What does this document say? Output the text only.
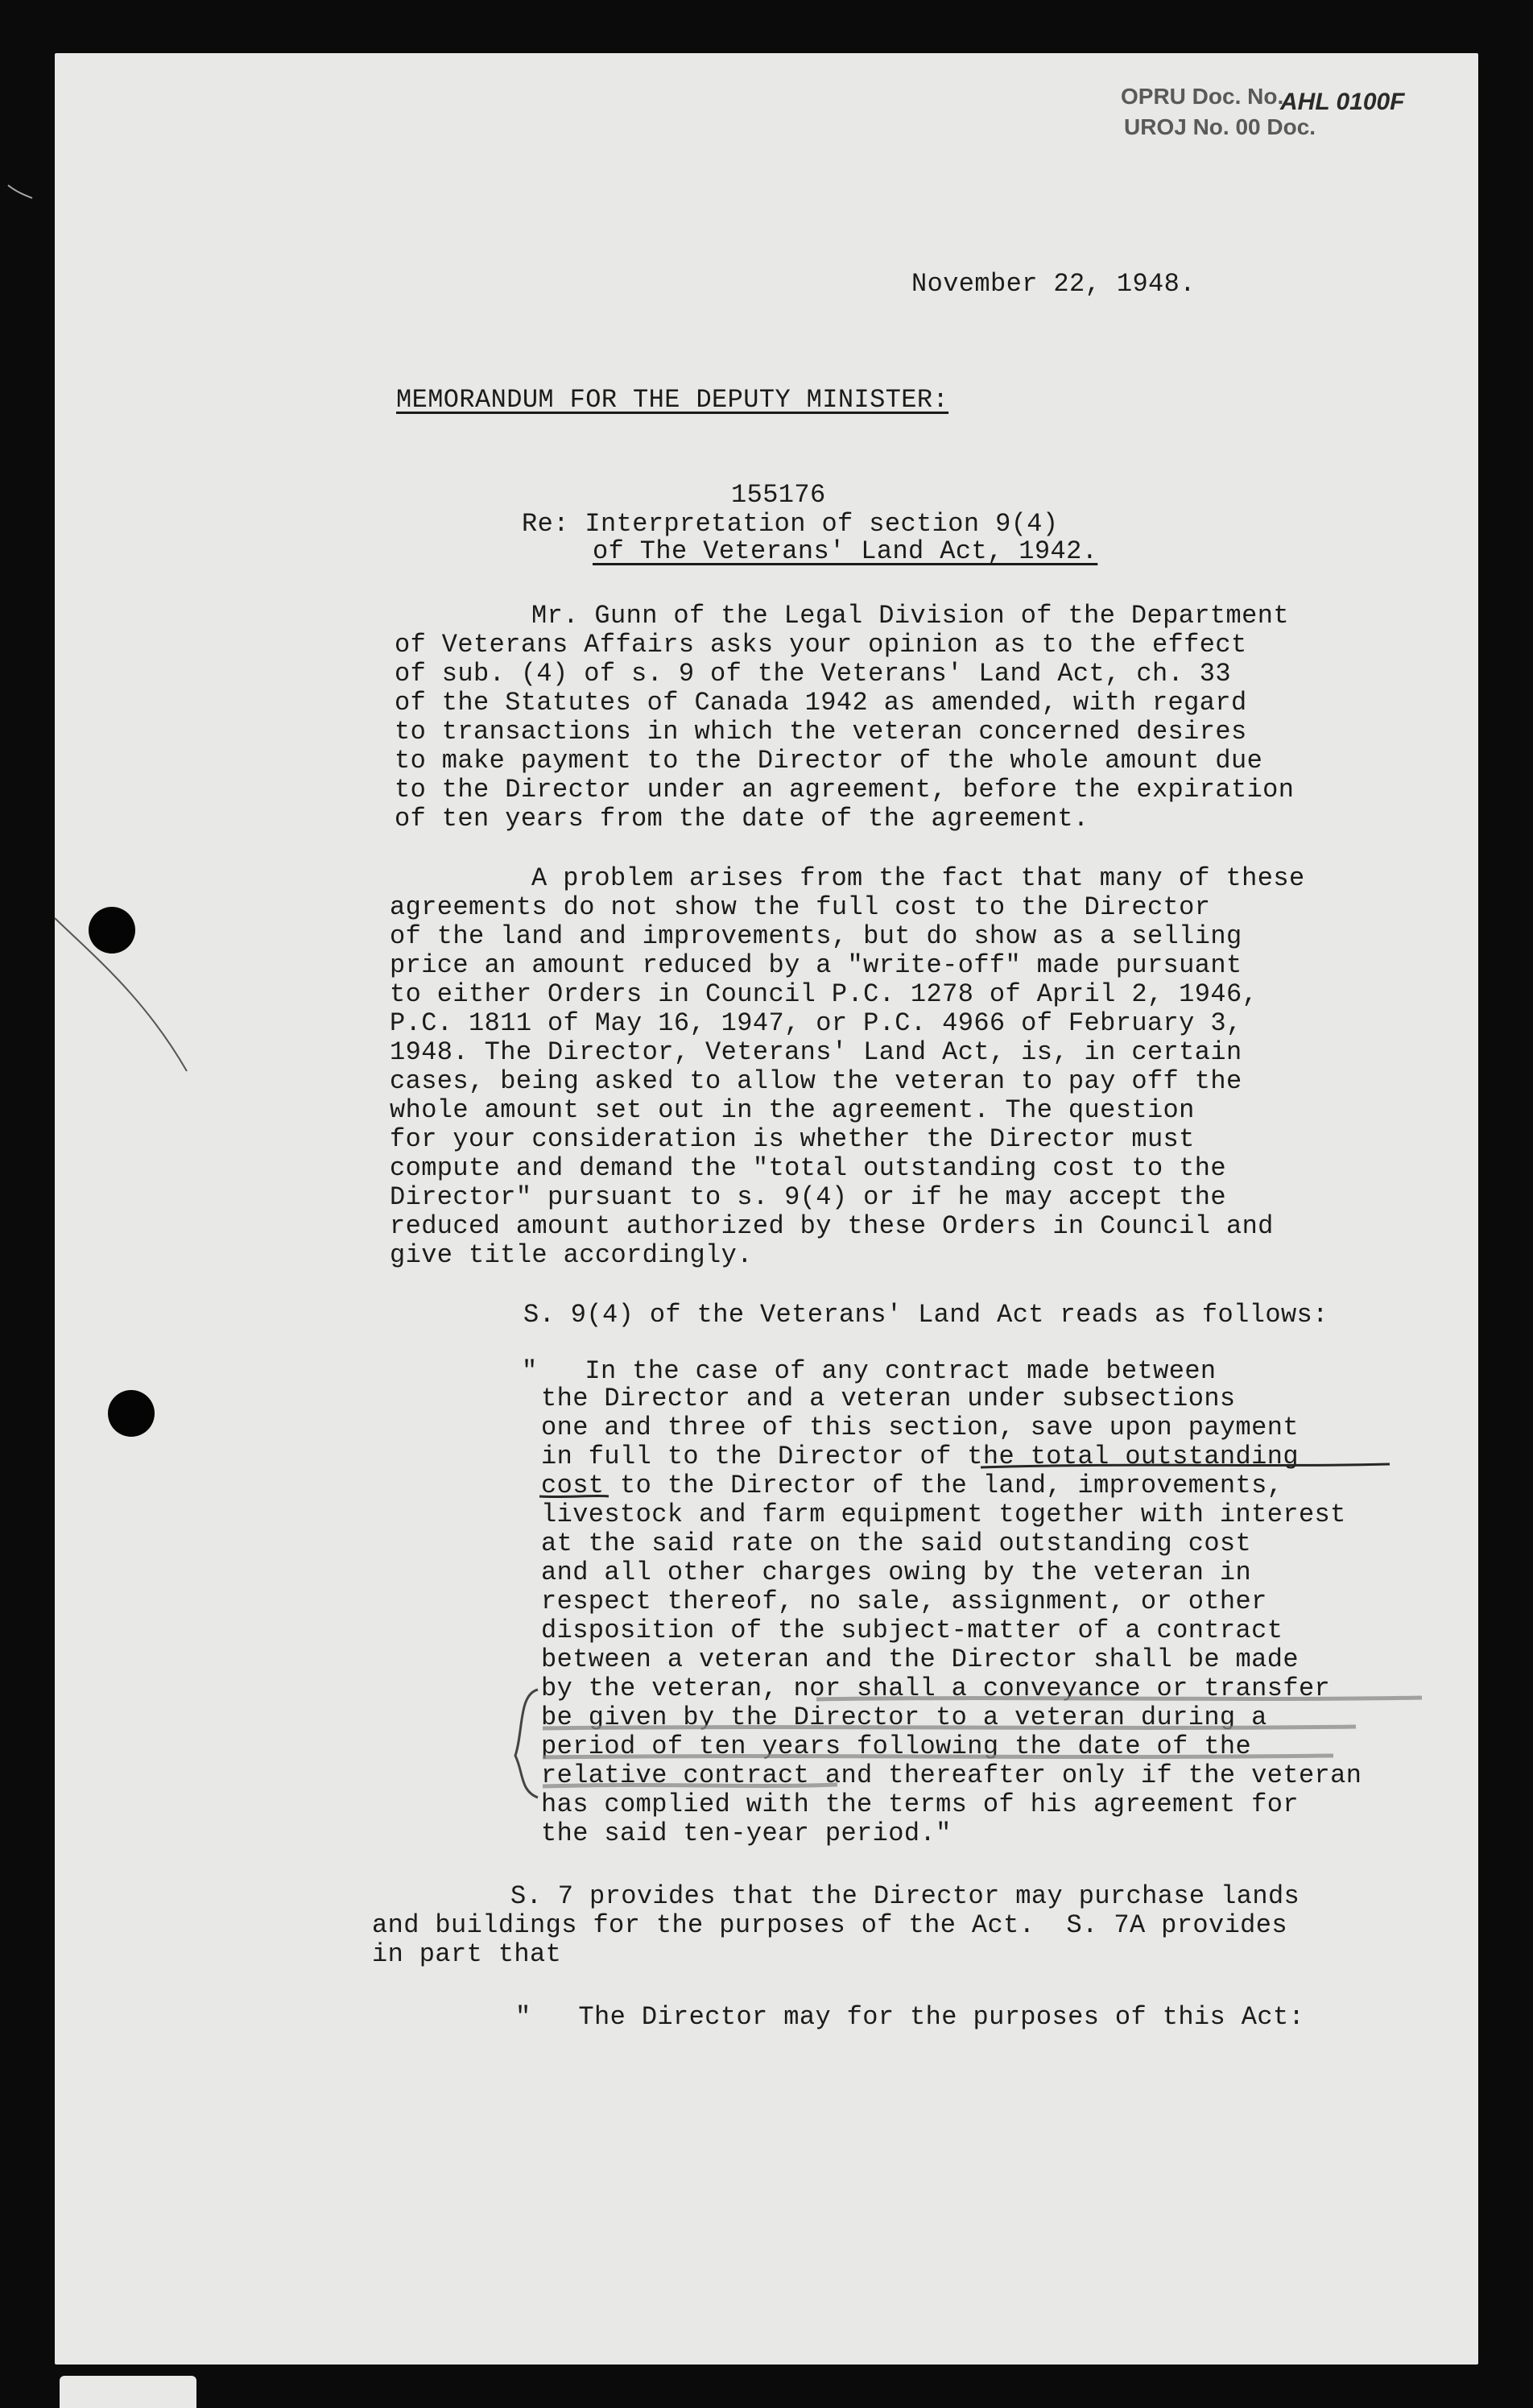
OPRU Doc. No.
UROJ No. 00 Doc.
AHL 0100F
November 22, 1948.
MEMORANDUM FOR THE DEPUTY MINISTER:
155176
Re: Interpretation of section 9(4)
of The Veterans' Land Act, 1942.
Mr. Gunn of the Legal Division of the Department
of Veterans Affairs asks your opinion as to the effect
of sub. (4) of s. 9 of the Veterans' Land Act, ch. 33
of the Statutes of Canada 1942 as amended, with regard
to transactions in which the veteran concerned desires
to make payment to the Director of the whole amount due
to the Director under an agreement, before the expiration
of ten years from the date of the agreement.
A problem arises from the fact that many of these
agreements do not show the full cost to the Director
of the land and improvements, but do show as a selling
price an amount reduced by a "write-off" made pursuant
to either Orders in Council P.C. 1278 of April 2, 1946,
P.C. 1811 of May 16, 1947, or P.C. 4966 of February 3,
1948. The Director, Veterans' Land Act, is, in certain
cases, being asked to allow the veteran to pay off the
whole amount set out in the agreement. The question
for your consideration is whether the Director must
compute and demand the "total outstanding cost to the
Director" pursuant to s. 9(4) or if he may accept the
reduced amount authorized by these Orders in Council and
give title accordingly.
S. 9(4) of the Veterans' Land Act reads as follows:
"   In the case of any contract made between
the Director and a veteran under subsections
one and three of this section, save upon payment
in full to the Director of the total outstanding
cost to the Director of the land, improvements,
livestock and farm equipment together with interest
at the said rate on the said outstanding cost
and all other charges owing by the veteran in
respect thereof, no sale, assignment, or other
disposition of the subject-matter of a contract
between a veteran and the Director shall be made
by the veteran, nor shall a conveyance or transfer
be given by the Director to a veteran during a
period of ten years following the date of the
relative contract and thereafter only if the veteran
has complied with the terms of his agreement for
the said ten-year period."
S. 7 provides that the Director may purchase lands
and buildings for the purposes of the Act.  S. 7A provides
in part that
"   The Director may for the purposes of this Act:
